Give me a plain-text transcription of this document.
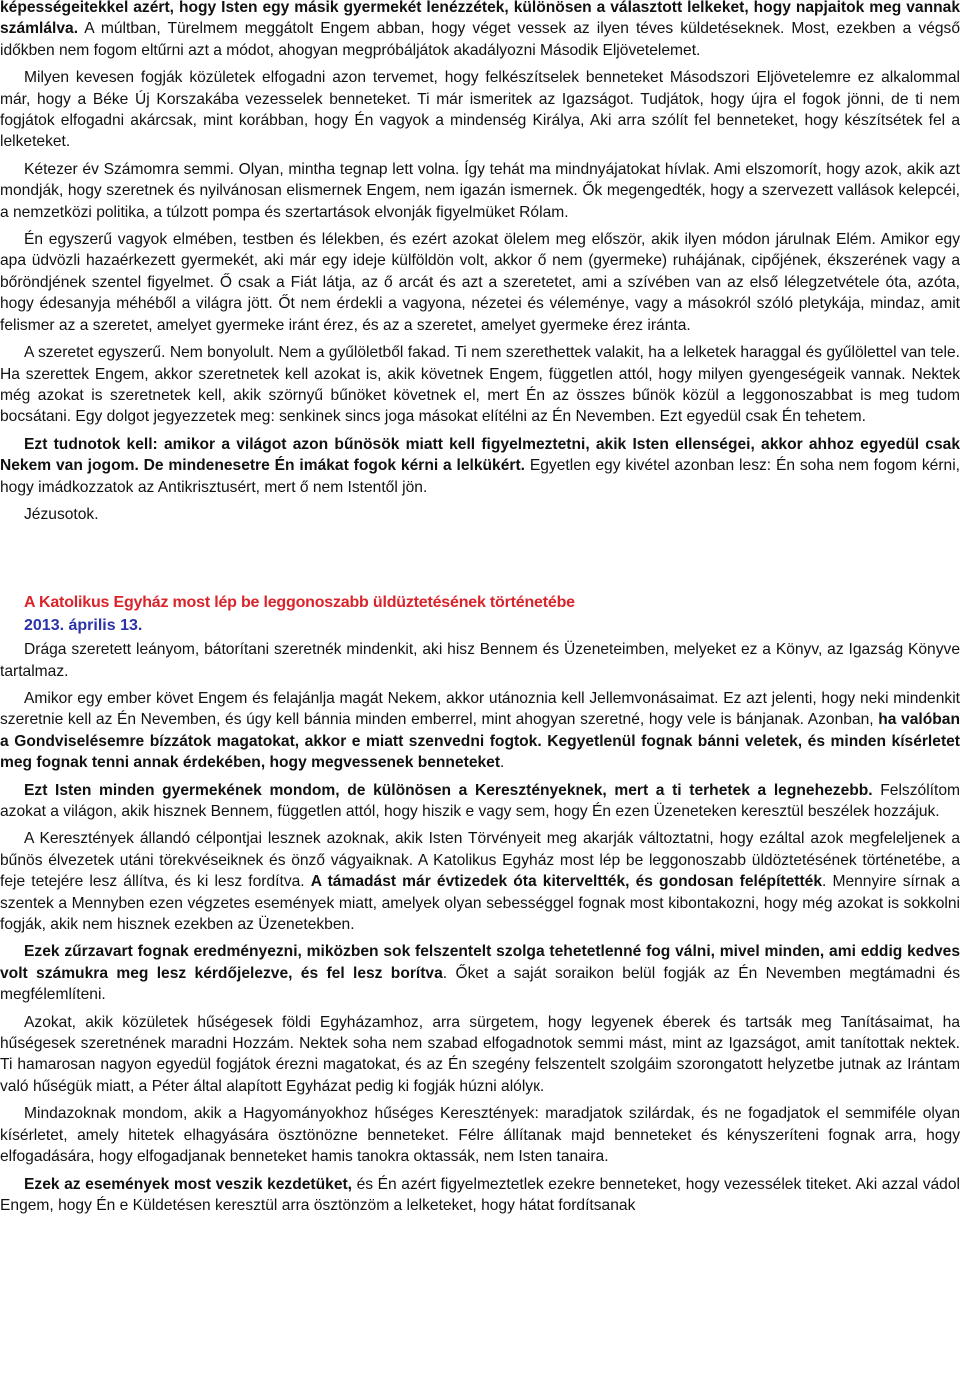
képességeitekkel azért, hogy Isten egy másik gyermekét lenézzétek, különösen a választott lelkeket, hogy napjaitok meg vannak számlálva. A múltban, Türelmem meggátolt Engem abban, hogy véget vessek az ilyen téves küldetéseknek. Most, ezekben a végső időkben nem fogom eltűrni azt a módot, ahogyan megpróbáljátok akadályozni Második Eljövetelemet.

Milyen kevesen fogják közületek elfogadni azon tervemet, hogy felkészítselek benneteket Másodszori Eljövetelemre ez alkalommal már, hogy a Béke Új Korszakába vezesselek benneteket. Ti már ismeritek az Igazságot. Tudjátok, hogy újra el fogok jönni, de ti nem fogjátok elfogadni akárcsak, mint korábban, hogy Én vagyok a mindenség Királya, Aki arra szólít fel benneteket, hogy készítsétek fel a lelketeket.

Kétezer év Számomra semmi. Olyan, mintha tegnap lett volna. Így tehát ma mindnyájatokat hívlak. Ami elszomorít, hogy azok, akik azt mondják, hogy szeretnek és nyilvánosan elismernek Engem, nem igazán ismernek. Ők megengedték, hogy a szervezett vallások kelepcéi, a nemzetközi politika, a túlzott pompa és szertartások elvonják figyelmüket Rólam.

Én egyszerű vagyok elmében, testben és lélekben, és ezért azokat ölelem meg először, akik ilyen módon járulnak Elém. Amikor egy apa üdvözli hazaérkezett gyermekét, aki már egy ideje külföldön volt, akkor ő nem (gyermeke) ruhájának, cipőjének, ékszerének vagy a bőröndjének szentel figyelmet. Ő csak a Fiát látja, az ő arcát és azt a szeretetet, ami a szívében van az első lélegzetvétele óta, azóta, hogy édesanyja méhéből a világra jött. Őt nem érdekli a vagyona, nézetei és véleménye, vagy a másokról szóló pletykája, mindaz, amit felismer az a szeretet, amelyet gyermeke iránt érez, és az a szeretet, amelyet gyermeke érez iránta.

A szeretet egyszerű. Nem bonyolult. Nem a gyűlöletből fakad. Ti nem szerethettek valakit, ha a lelketek haraggal és gyűlölettel van tele. Ha szerettek Engem, akkor szeretnetek kell azokat is, akik követnek Engem, független attól, hogy milyen gyengeségeik vannak. Nektek még azokat is szeretnetek kell, akik szörnyű bűnöket követnek el, mert Én az összes bűnök közül a leggonoszabbat is meg tudom bocsátani. Egy dolgot jegyezzetek meg: senkinek sincs joga másokat elítélni az Én Nevemben. Ezt egyedül csak Én tehetem.

Ezt tudnotok kell: amikor a világot azon bűnösök miatt kell figyelmeztetni, akik Isten ellenségei, akkor ahhoz egyedül csak Nekem van jogom. De mindenesetre Én imákat fogok kérni a lelkükért. Egyetlen egy kivétel azonban lesz: Én soha nem fogom kérni, hogy imádkozzatok az Antikrisztusért, mert ő nem Istentől jön.

Jézusotok.

A Katolikus Egyház most lép be leggonoszabb üldüztetésének történetébe

2013. április 13.

Drága szeretett leányom, bátorítani szeretnék mindenkit, aki hisz Bennem és Üzeneteimben, melyeket ez a Könyv, az Igazság Könyve tartalmaz.

Amikor egy ember követ Engem és felajánlja magát Nekem, akkor utánoznia kell Jellemvonásaimat. Ez azt jelenti, hogy neki mindenkit szeretnie kell az Én Nevemben, és úgy kell bánnia minden emberrel, mint ahogyan szeretné, hogy vele is bánjanak. Azonban, ha valóban a Gondviselésemre bízzátok magatokat, akkor e miatt szenvedni fogtok. Kegyetlenül fognak bánni veletek, és minden kísérletet meg fognak tenni annak érdekében, hogy megvessenek benneteket.

Ezt Isten minden gyermekének mondom, de különösen a Keresztényeknek, mert a ti terhetek a legnehezebb. Felszólítom azokat a világon, akik hisznek Bennem, független attól, hogy hiszik e vagy sem, hogy Én ezen Üzeneteken keresztül beszélek hozzájuk.

A Keresztények állandó célpontjai lesznek azoknak, akik Isten Törvényeit meg akarják változtatni, hogy ezáltal azok megfeleljenek a bűnös élvezetek utáni törekvéseiknek és önző vágyaiknak. A Katolikus Egyház most lép be leggonoszabb üldöztetésének történetébe, a feje tetejére lesz állítva, és ki lesz fordítva. A támadást már évtizedek óta kiterveltték, és gondosan felépítették. Mennyire sírnak a szentek a Mennyben ezen végzetes események miatt, amelyek olyan sebességgel fognak most kibontakozni, hogy még azokat is sokkolni fogják, akik nem hisznek ezekben az Üzenetekben.

Ezek zűrzavart fognak eredményezni, miközben sok felszentelt szolga tehetetlenné fog válni, mivel minden, ami eddig kedves volt számukra meg lesz kérdőjelezve, és fel lesz borítva. Őket a saját soraikon belül fogják az Én Nevemben megtámadni és megfélemlíteni.

Azokat, akik közületek hűségesek földi Egyházamhoz, arra sürgetem, hogy legyenek éberek és tartsák meg Tanításaimat, ha hűségesek szeretnének maradni Hozzám. Nektek soha nem szabad elfogadnotok semmi mást, mint az Igazságot, amit tanítottak nektek. Ti hamarosan nagyon egyedül fogjátok érezni magatokat, és az Én szegény felszentelt szolgáim szorongatott helyzetbe jutnak az Irántam való hűségük miatt, a Péter által alapított Egyházat pedig ki fogják húzni alólук.

Mindazoknak mondom, akik a Hagyományokhoz hűséges Keresztények: maradjatok szilárdak, és ne fogadjatok el semmiféle olyan kísérletet, amely hitetek elhagyására ösztönözne benneteket. Félre állítanak majd benneteket és kényszeríteni fognak arra, hogy elfogadására, hogy elfogadjanak benneteket hamis tanokra oktassák, nem Isten tanaira.

Ezek az események most veszik kezdetüket, és Én azért figyelmeztetlek ezekre benneteket, hogy vezessélek titeket. Aki azzal vádol Engem, hogy Én e Küldetésen keresztül arra ösztönzöm a lelketeket, hogy hátat fordítsanak
